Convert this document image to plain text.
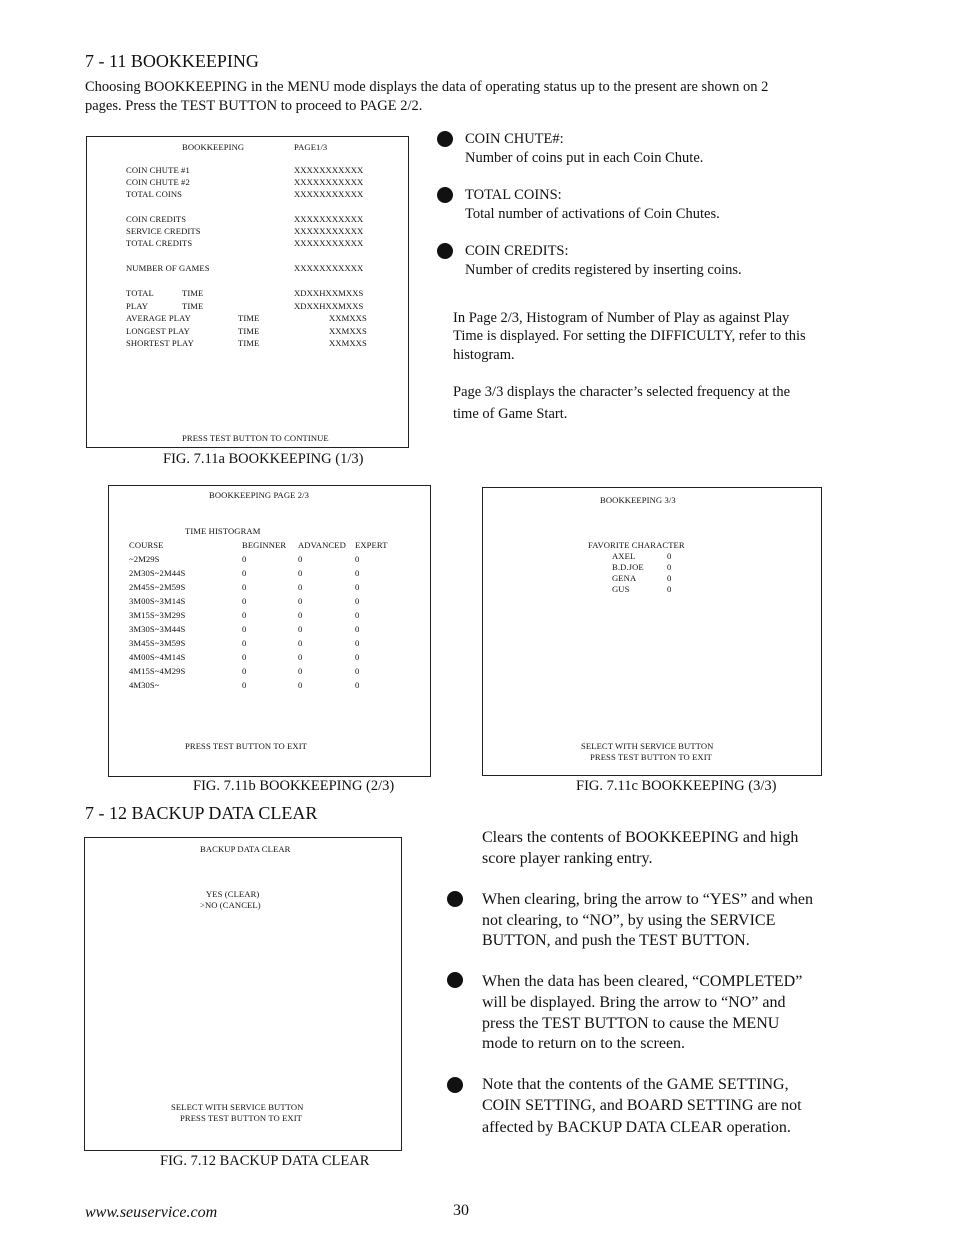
7 - 11 BOOKKEEPING
Choosing BOOKKEEPING in the MENU mode displays the data of operating status up to the present are shown on 2
pages. Press the TEST BUTTON to proceed to PAGE 2/2.
BOOKKEEPING	PAGE1/3
COIN CHUTE #1	XXXXXXXXXXX
COIN CHUTE #2	XXXXXXXXXXX
TOTAL COINS	XXXXXXXXXXX
COIN CREDITS	XXXXXXXXXXX
SERVICE CREDITS	XXXXXXXXXXX
TOTAL CREDITS	XXXXXXXXXXX
NUMBER OF GAMES	XXXXXXXXXXX
TOTAL	TIME	XDXXHXXMXXS
PLAY	TIME	XDXXHXXMXXS
AVERAGE PLAY	TIME	XXMXXS
LONGEST PLAY	TIME	XXMXXS
SHORTEST PLAY	TIME	XXMXXS
PRESS TEST BUTTON TO CONTINUE
FIG. 7.11a BOOKKEEPING (1/3)
COIN CHUTE#:
Number of coins put in each Coin Chute.
TOTAL COINS:
Total number of activations of Coin Chutes.
COIN CREDITS:
Number of credits registered by inserting coins.
In Page 2/3, Histogram of Number of Play as against Play
Time is displayed. For setting the DIFFICULTY, refer to this
histogram.
Page 3/3 displays the character’s selected frequency at the
time of Game Start.
BOOKKEEPING PAGE 2/3
TIME HISTOGRAM
COURSE	BEGINNER ADVANCED EXPERT
~2M29S	0	0	0
2M30S~2M44S	0	0	0
2M45S~2M59S	0	0	0
3M00S~3M14S	0	0	0
3M15S~3M29S	0	0	0
3M30S~3M44S	0	0	0
3M45S~3M59S	0	0	0
4M00S~4M14S	0	0	0
4M15S~4M29S	0	0	0
4M30S~	0	0	0
PRESS TEST BUTTON TO EXIT
FIG. 7.11b BOOKKEEPING (2/3)
BOOKKEEPING 3/3
FAVORITE CHARACTER
AXEL	0
B.D.JOE	0
GENA	0
GUS	0
SELECT WITH SERVICE BUTTON
PRESS TEST BUTTON TO EXIT
FIG. 7.11c BOOKKEEPING (3/3)
7 - 12 BACKUP DATA CLEAR
BACKUP DATA CLEAR
YES (CLEAR)
>NO (CANCEL)
SELECT WITH SERVICE BUTTON
PRESS TEST BUTTON TO EXIT
FIG. 7.12 BACKUP DATA CLEAR
Clears the contents of BOOKKEEPING and high
score player ranking entry.
When clearing, bring the arrow to “YES” and when
not clearing, to “NO”, by using the SERVICE
BUTTON, and push the TEST BUTTON.
When the data has been cleared, “COMPLETED”
will be displayed. Bring the arrow to “NO” and
press the TEST BUTTON to cause the MENU
mode to return on to the screen.
Note that the contents of the GAME SETTING,
COIN SETTING, and BOARD SETTING are not
affected by BACKUP DATA CLEAR operation.
www.seuservice.com	30
